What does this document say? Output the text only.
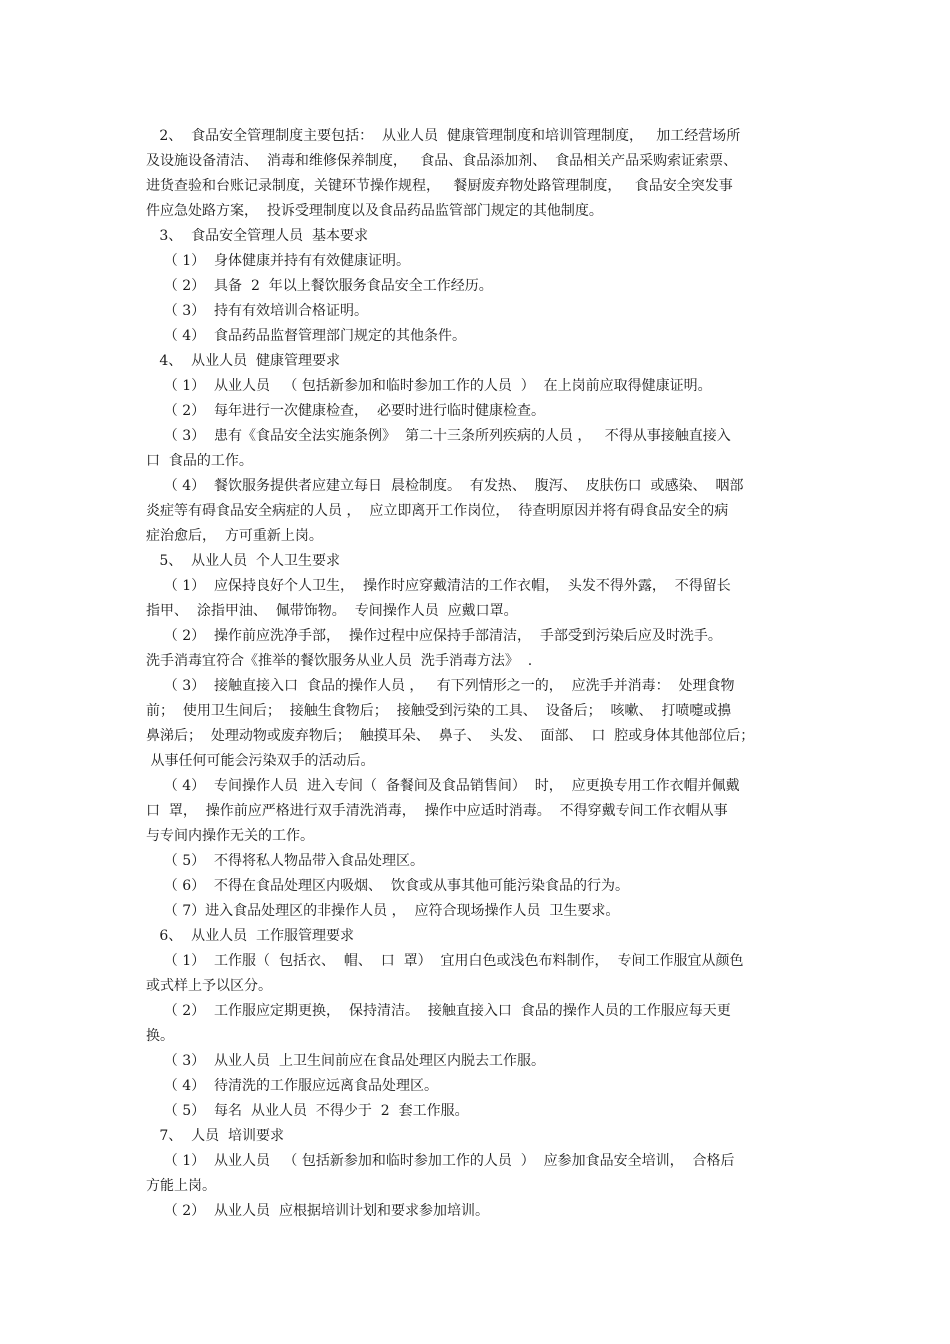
2、  食品安全管理制度主要包括：  从业人员  健康管理制度和培训管理制度，   加工经营场所
及设施设备清洁、  消毒和维修保养制度，   食品、食品添加剂、  食品相关产品采购索证索票、
进货查验和台账记录制度，关键环节操作规程，   餐厨废弃物处路管理制度，   食品安全突发事
件应急处路方案，  投诉受理制度以及食品药品监管部门规定的其他制度。
3、  食品安全管理人员  基本要求
（ 1）  身体健康并持有有效健康证明。
（ 2）  具备  2  年以上餐饮服务食品安全工作经历。
（ 3）  持有有效培训合格证明。
（ 4）  食品药品监督管理部门规定的其他条件。
4、  从业人员  健康管理要求
（ 1）  从业人员   （ 包括新参加和临时参加工作的人员  ）  在上岗前应取得健康证明。
（ 2）  每年进行一次健康检查，  必要时进行临时健康检查。
（ 3）  患有《食品安全法实施条例》  第二十三条所列疾病的人员 ，   不得从事接触直接入
口  食品的工作。
（ 4）  餐饮服务提供者应建立每日  晨检制度。  有发热、  腹泻、  皮肤伤口  或感染、  咽部
炎症等有碍食品安全病症的人员 ，  应立即离开工作岗位，  待查明原因并将有碍食品安全的病
症治愈后，  方可重新上岗。
5、  从业人员  个人卫生要求
（ 1）  应保持良好个人卫生，  操作时应穿戴清洁的工作衣帽，  头发不得外露，  不得留长
指甲、  涂指甲油、  佩带饰物。  专间操作人员  应戴口罩。
（ 2）  操作前应洗净手部，  操作过程中应保持手部清洁，  手部受到污染后应及时洗手。
洗手消毒宜符合《推举的餐饮服务从业人员  洗手消毒方法》  .
（ 3）  接触直接入口  食品的操作人员 ，   有下列情形之一的，  应洗手并消毒：  处理食物
前；  使用卫生间后；  接触生食物后；  接触受到污染的工具、  设备后；  咳嗽、  打喷嚏或擤
鼻涕后；  处理动物或废弃物后；  触摸耳朵、  鼻子、  头发、  面部、  口  腔或身体其他部位后；
从事任何可能会污染双手的活动后。
（ 4）  专间操作人员  进入专间（  备餐间及食品销售间）  时，  应更换专用工作衣帽并佩戴
口  罩，  操作前应严格进行双手清洗消毒，  操作中应适时消毒。  不得穿戴专间工作衣帽从事
与专间内操作无关的工作。
（ 5）  不得将私人物品带入食品处理区。
（ 6）  不得在食品处理区内吸烟、  饮食或从事其他可能污染食品的行为。
（ 7）进入食品处理区的非操作人员 ，  应符合现场操作人员  卫生要求。
6、  从业人员  工作服管理要求
（ 1）  工作服（  包括衣、  帽、  口  罩）  宜用白色或浅色布料制作，  专间工作服宜从颜色
或式样上予以区分。
（ 2）  工作服应定期更换，  保持清洁。  接触直接入口  食品的操作人员的工作服应每天更
换。
（ 3）  从业人员  上卫生间前应在食品处理区内脱去工作服。
（ 4）  待清洗的工作服应远离食品处理区。
（ 5）  每名  从业人员  不得少于  2  套工作服。
7、  人员  培训要求
（ 1）  从业人员   （ 包括新参加和临时参加工作的人员  ）  应参加食品安全培训，  合格后
方能上岗。
（ 2）  从业人员  应根据培训计划和要求参加培训。
